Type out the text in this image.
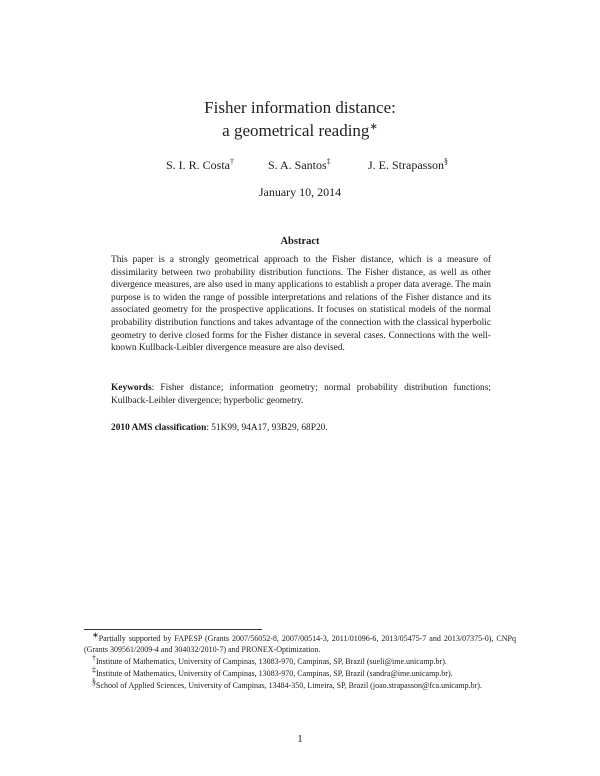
Fisher information distance:
a geometrical reading∗
S. I. R. Costa†	S. A. Santos‡	J. E. Strapasson§
January 10, 2014
Abstract

This paper is a strongly geometrical approach to the Fisher distance, which is a measure of dissimilarity between two probability distribution functions. The Fisher distance, as well as other divergence measures, are also used in many applications to establish a proper data average. The main purpose is to widen the range of possible interpretations and relations of the Fisher distance and its associated geometry for the prospective applications. It focuses on statistical models of the normal probability distribution functions and takes advantage of the connection with the classical hyperbolic geometry to derive closed forms for the Fisher distance in several cases. Connections with the well-known Kullback-Leibler divergence measure are also devised.

Keywords: Fisher distance; information geometry; normal probability distribution functions; Kullback-Leibler divergence; hyperbolic geometry.

2010 AMS classification: 51K99, 94A17, 93B29, 68P20.

∗Partially supported by FAPESP (Grants 2007/56052-8, 2007/00514-3, 2011/01096-6, 2013/05475-7 and 2013/07375-0), CNPq (Grants 309561/2009-4 and 304032/2010-7) and PRONEX-Optimization.

†Institute of Mathematics, University of Campinas, 13083-970, Campinas, SP, Brazil (sueli@ime.unicamp.br).

‡Institute of Mathematics, University of Campinas, 13083-970, Campinas, SP, Brazil (sandra@ime.unicamp.br).

§School of Applied Sciences, University of Campinas, 13484-350, Limeira, SP, Brazil (joao.strapasson@fca.unicamp.br).

1
